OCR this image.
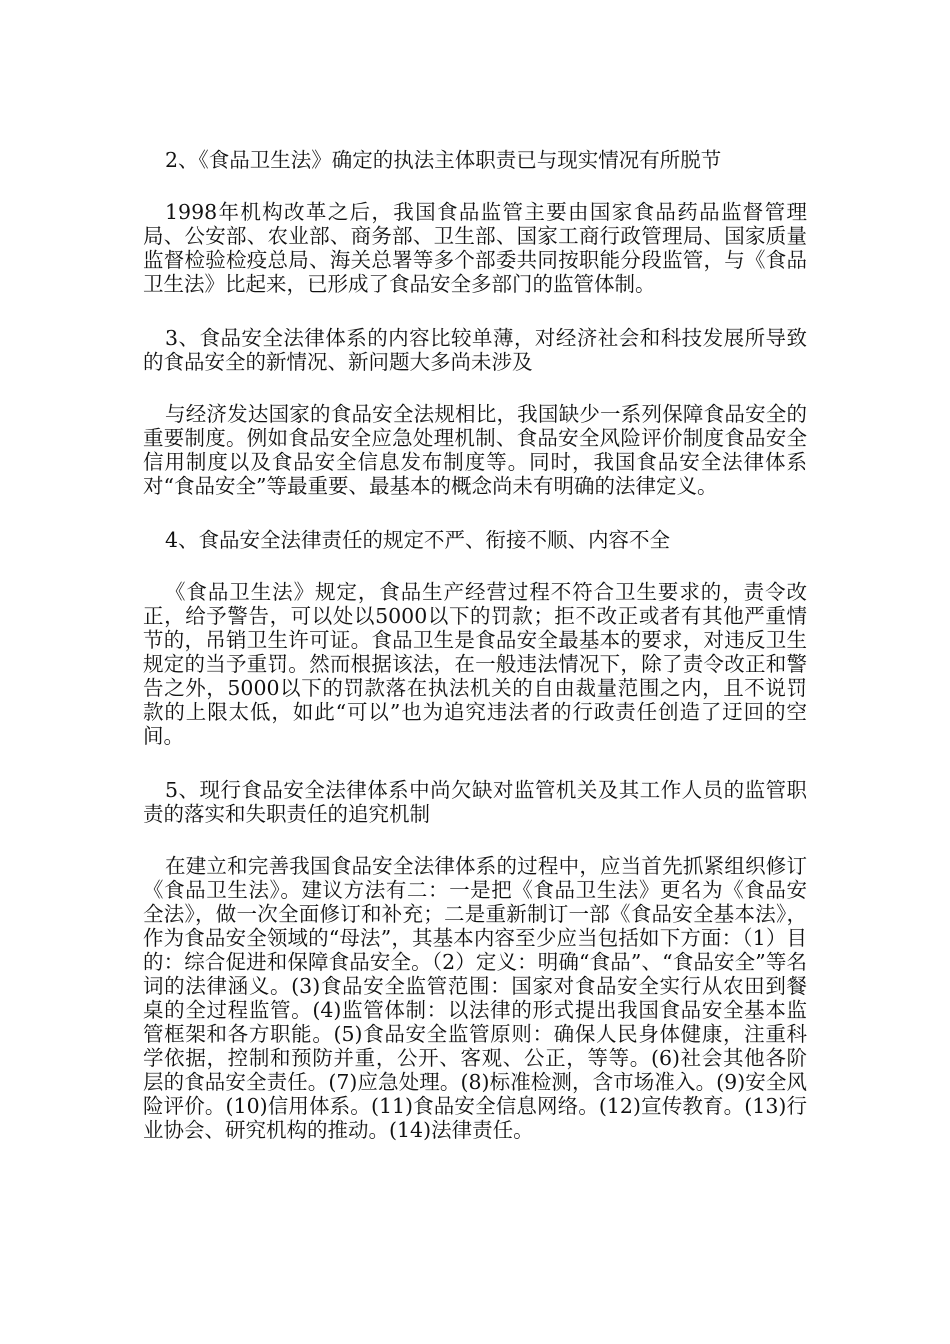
2、《食品卫生法》确定的执法主体职责已与现实情况有所脱节

1998年机构改革之后，我国食品监管主要由国家食品药品监督管理局、公安部、农业部、商务部、卫生部、国家工商行政管理局、国家质量监督检验检疫总局、海关总署等多个部委共同按职能分段监管，与《食品卫生法》比起来，已形成了食品安全多部门的监管体制。

3、食品安全法律体系的内容比较单薄，对经济社会和科技发展所导致的食品安全的新情况、新问题大多尚未涉及

与经济发达国家的食品安全法规相比，我国缺少一系列保障食品安全的重要制度。例如食品安全应急处理机制、食品安全风险评价制度食品安全信用制度以及食品安全信息发布制度等。同时，我国食品安全法律体系对“食品安全”等最重要、最基本的概念尚未有明确的法律定义。

4、食品安全法律责任的规定不严、衔接不顺、内容不全

《食品卫生法》规定，食品生产经营过程不符合卫生要求的，责令改正，给予警告，可以处以5000以下的罚款；拒不改正或者有其他严重情节的，吊销卫生许可证。食品卫生是食品安全最基本的要求，对违反卫生规定的当予重罚。然而根据该法，在一般违法情况下，除了责令改正和警告之外，5000以下的罚款落在执法机关的自由裁量范围之内，且不说罚款的上限太低，如此“可以”也为追究违法者的行政责任创造了迂回的空间。

5、现行食品安全法律体系中尚欠缺对监管机关及其工作人员的监管职责的落实和失职责任的追究机制

在建立和完善我国食品安全法律体系的过程中，应当首先抓紧组织修订《食品卫生法》。建议方法有二：一是把《食品卫生法》更名为《食品安全法》，做一次全面修订和补充；二是重新制订一部《食品安全基本法》，作为食品安全领域的“母法”，其基本内容至少应当包括如下方面：（1）目的：综合促进和保障食品安全。（2）定义：明确“食品”、“食品安全”等名词的法律涵义。(3)食品安全监管范围：国家对食品安全实行从农田到餐桌的全过程监管。(4)监管体制：以法律的形式提出我国食品安全基本监管框架和各方职能。(5)食品安全监管原则：确保人民身体健康，注重科学依据，控制和预防并重，公开、客观、公正，等等。(6)社会其他各阶层的食品安全责任。(7)应急处理。(8)标准检测，含市场准入。(9)安全风险评价。(10)信用体系。(11)食品安全信息网络。(12)宣传教育。(13)行业协会、研究机构的推动。(14)法律责任。
